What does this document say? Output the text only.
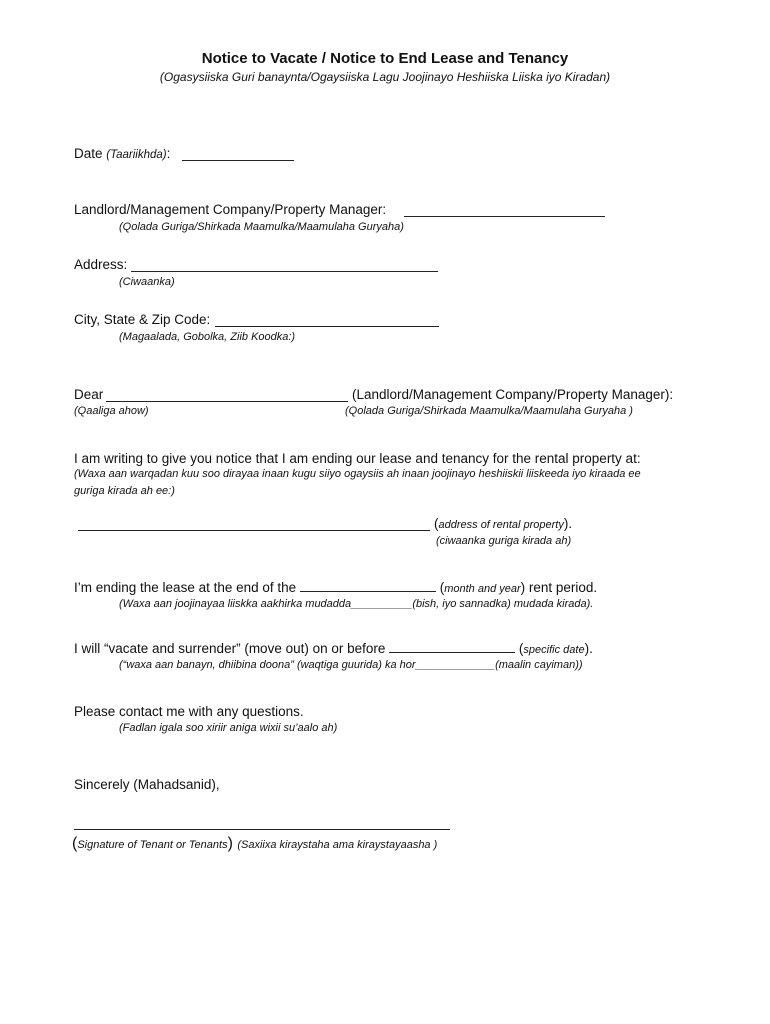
Notice to Vacate / Notice to End Lease and Tenancy
(Ogasysiiska Guri banaynta/Ogaysiiska Lagu Joojinayo Heshiiska Liiska iyo Kiradan)
Date (Taariikhda):
Landlord/Management Company/Property Manager:
(Qolada Guriga/Shirkada Maamulka/Maamulaha Guryaha)
Address:
(Ciwaanka)
City, State & Zip Code:
(Magaalada, Gobolka, Ziib Koodka:)
Dear	(Landlord/Management Company/Property Manager):
(Qaaliga ahow)	(Qolada Guriga/Shirkada Maamulka/Maamulaha Guryaha )
I am writing to give you notice that I am ending our lease and tenancy for the rental property at:
(Waxa aan warqadan kuu soo dirayaa inaan kugu siiyo ogaysiis ah inaan joojinayo heshiiskii liiskeeda iyo kiraada ee
guriga kirada ah ee:)
(address of rental property).
(ciwaanka guriga kirada ah)
I’m ending the lease at the end of the	(month and year) rent period.
(Waxa aan joojinayaa liiskka aakhirka mudadda__________(bish, iyo sannadka) mudada kirada).
I will “vacate and surrender” (move out) on or before	(specific date).
(“waxa aan banayn, dhiibina doona” (waqtiga guurida) ka hor_____________(maalin cayiman))
Please contact me with any questions.
(Fadlan igala soo xiriir aniga wixii su’aalo ah)
Sincerely (Mahadsanid),
(Signature of Tenant or Tenants) (Saxiixa kiraystaha ama kiraystayaasha )
